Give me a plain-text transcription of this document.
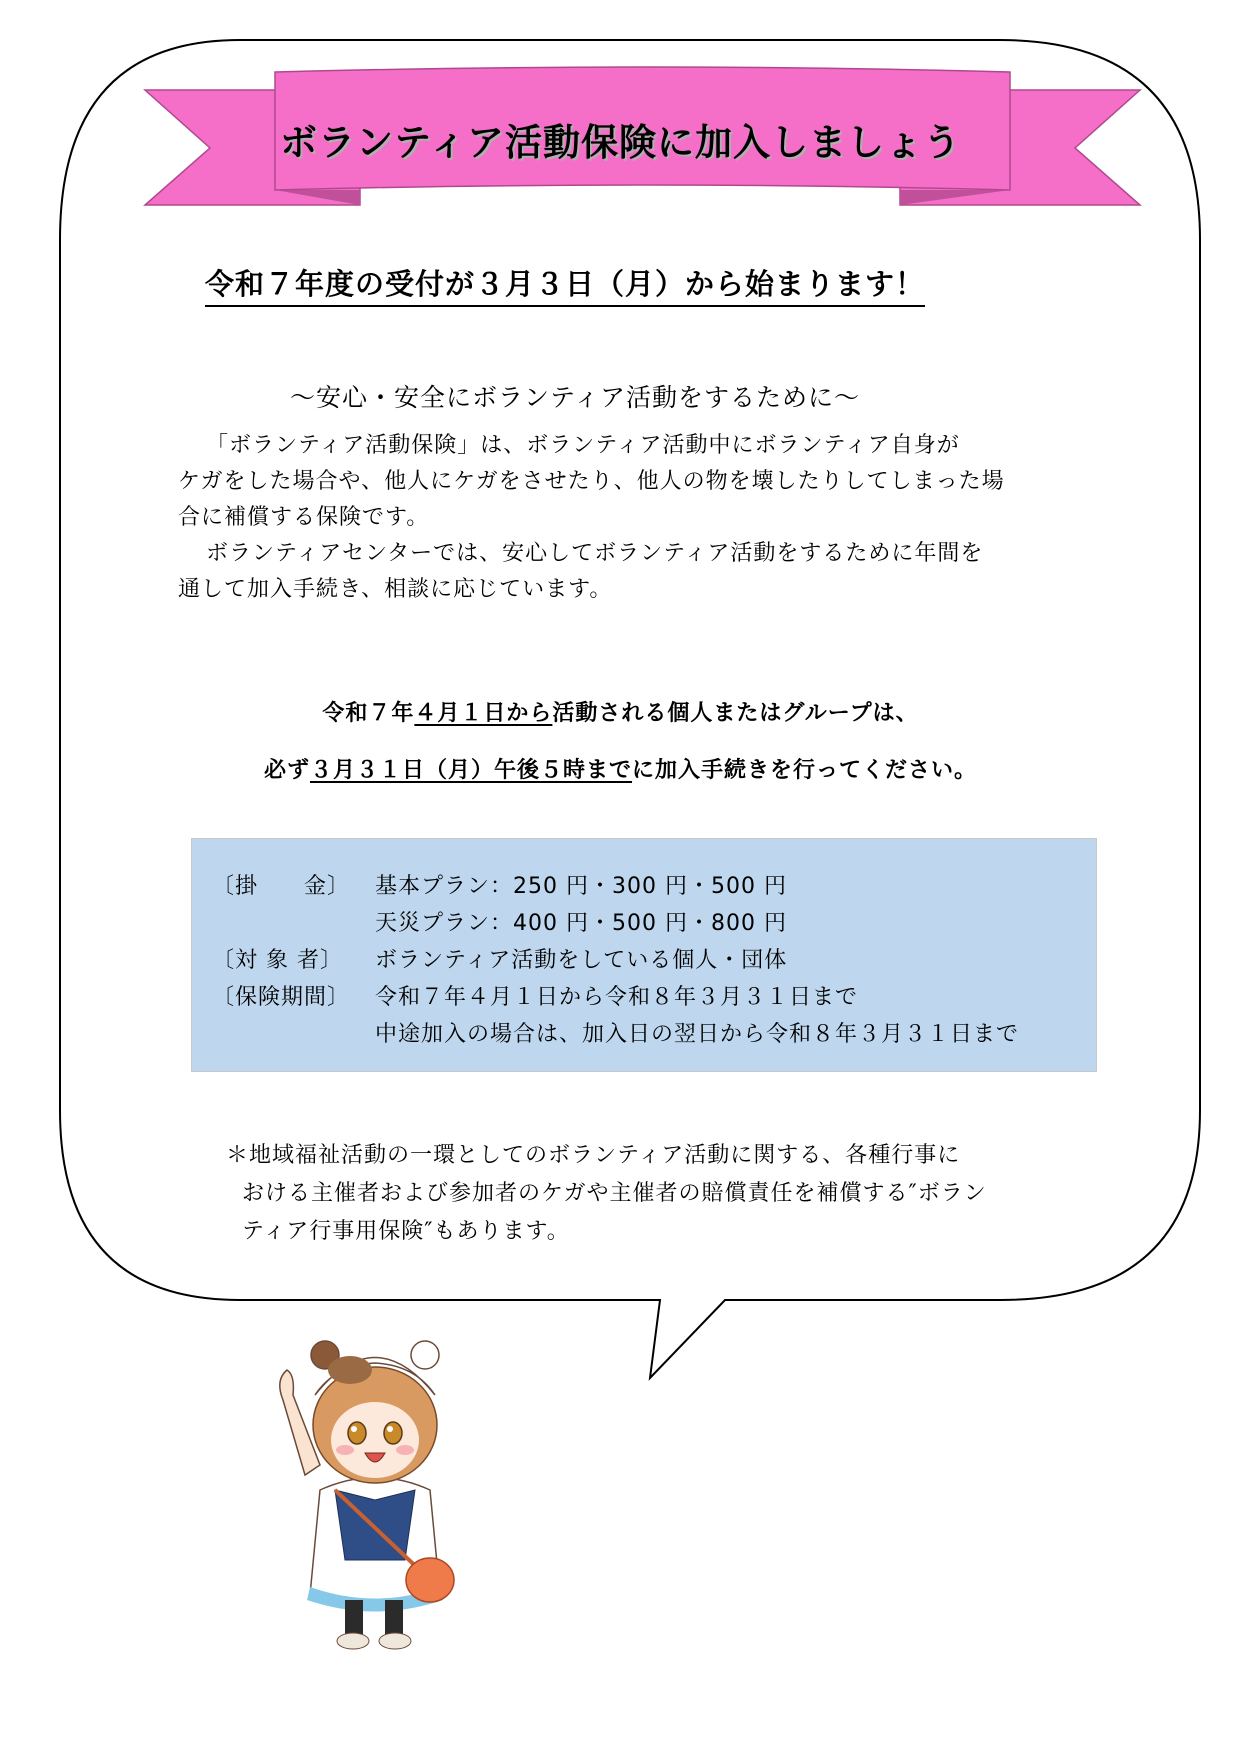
ボランティア活動保険に加入しましょう
令和７年度の受付が３月３日（月）から始まります！
～安心・安全にボランティア活動をするために～

「ボランティア活動保険」は、ボランティア活動中にボランティア自身が

ケガをした場合や、他人にケガをさせたり、他人の物を壊したりしてしまった場

合に補償する保険です。

ボランティアセンターでは、安心してボランティア活動をするために年間を

通して加入手続き、相談に応じています。

令和７年４月１日から活動される個人またはグループは、
必ず３月３１日（月）午後５時までに加入手続きを行ってください。
〔掛　　金〕 基本プラン：250 円・300 円・500 円
天災プラン：400 円・500 円・800 円
〔対 象 者〕 ボランティア活動をしている個人・団体
〔保険期間〕 令和７年４月１日から令和８年３月３１日まで
中途加入の場合は、加入日の翌日から令和８年３月３１日まで

＊地域福祉活動の一環としてのボランティア活動に関する、各種行事に

おける主催者および参加者のケガや主催者の賠償責任を補償する″ボラン

ティア行事用保険″もあります。
